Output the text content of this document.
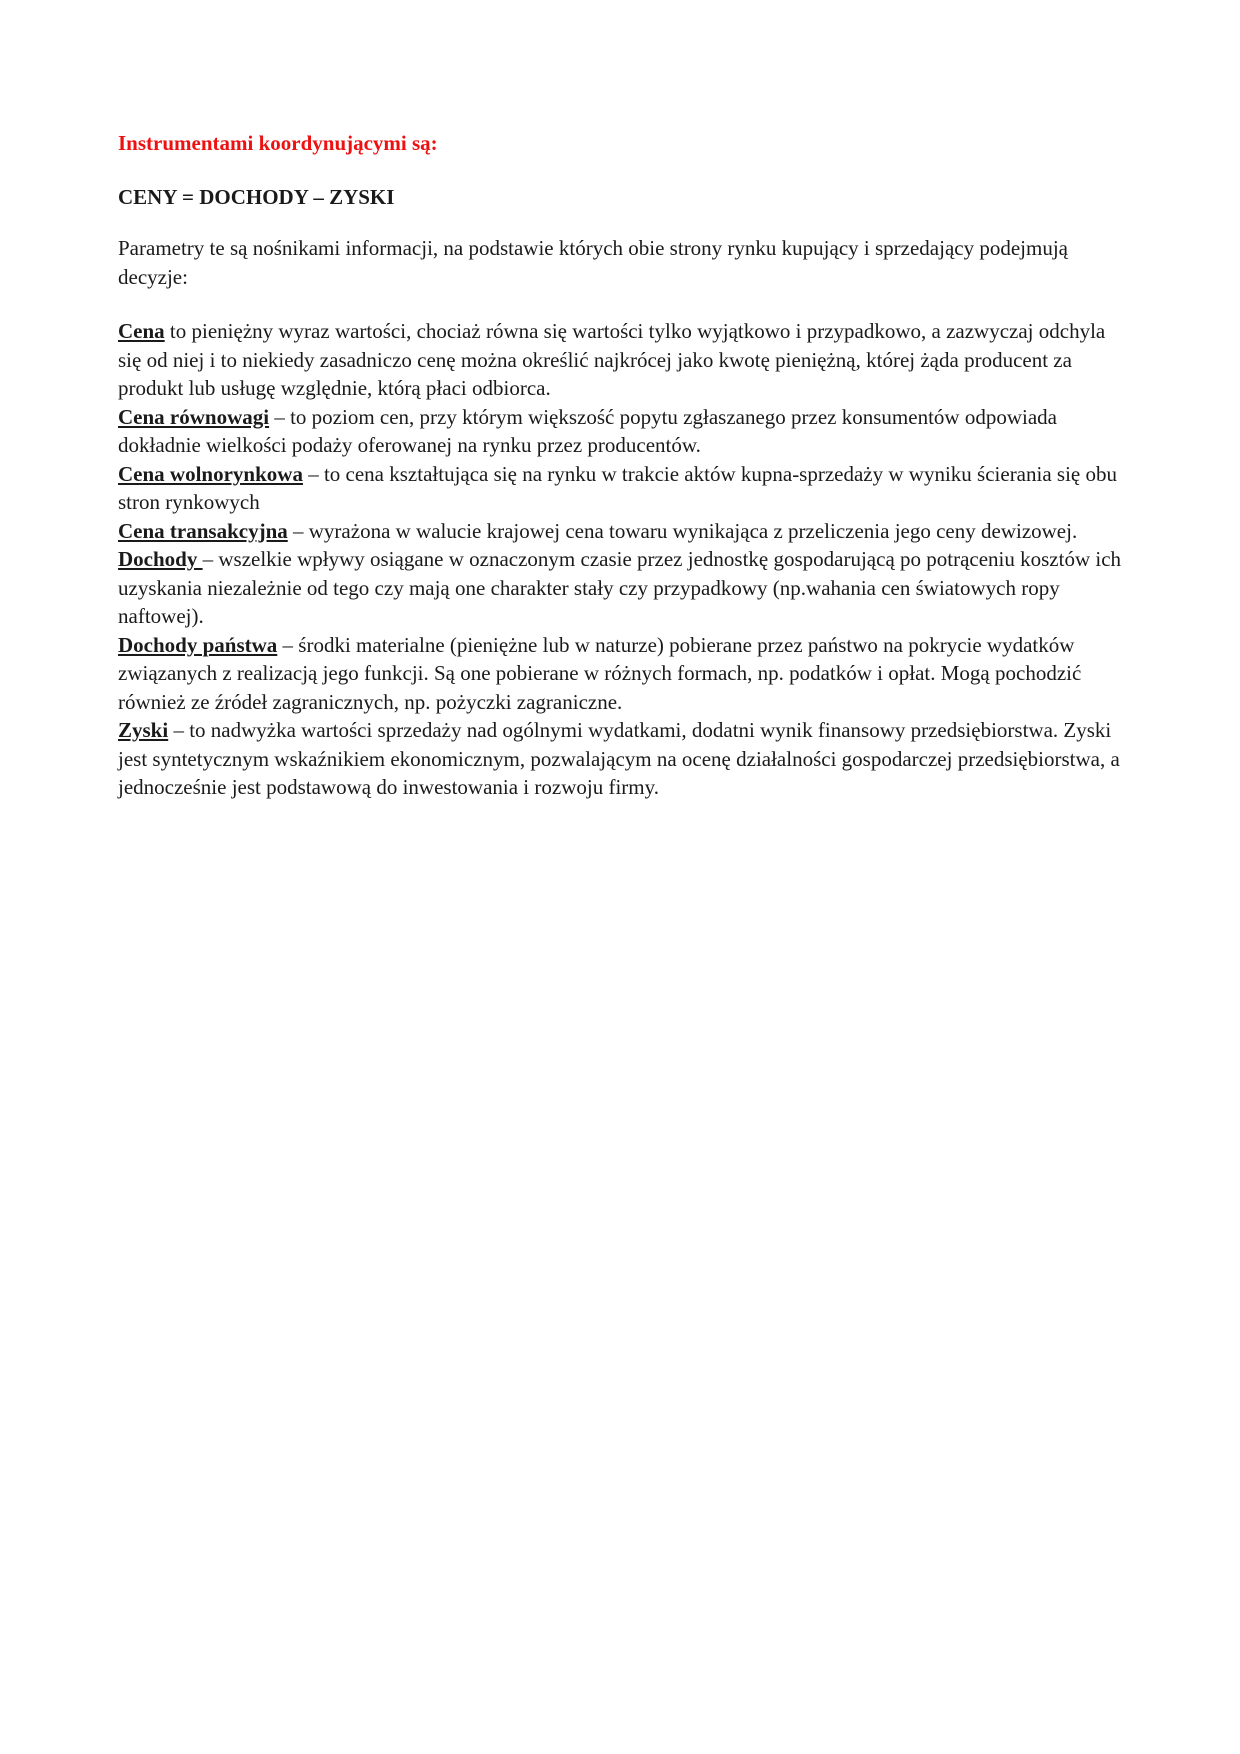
Instrumentami koordynującymi są:

CENY = DOCHODY – ZYSKI

Parametry te są nośnikami informacji, na podstawie których obie strony rynku kupujący i sprzedający podejmują decyzje:

Cena to pieniężny wyraz wartości, chociaż równa się wartości tylko wyjątkowo i przypadkowo, a zazwyczaj odchyla się od niej i to niekiedy zasadniczo cenę można określić najkrócej jako kwotę pieniężną, której żąda producent za produkt lub usługę względnie, którą płaci odbiorca.

Cena równowagi – to poziom cen, przy którym większość popytu zgłaszanego przez konsumentów odpowiada dokładnie wielkości podaży oferowanej na rynku przez producentów.

Cena wolnorynkowa – to cena kształtująca się na rynku w trakcie aktów kupna-sprzedaży w wyniku ścierania się obu stron rynkowych

Cena transakcyjna – wyrażona w walucie krajowej cena towaru wynikająca z przeliczenia jego ceny dewizowej.

Dochody – wszelkie wpływy osiągane w oznaczonym czasie przez jednostkę gospodarującą po potrąceniu kosztów ich uzyskania niezależnie od tego czy mają one charakter stały czy przypadkowy (np.wahania cen światowych ropy naftowej).

Dochody państwa – środki materialne (pieniężne lub w naturze) pobierane przez państwo na pokrycie wydatków związanych z realizacją jego funkcji. Są one pobierane w różnych formach, np. podatków i opłat. Mogą pochodzić również ze źródeł zagranicznych, np. pożyczki zagraniczne.

Zyski – to nadwyżka wartości sprzedaży nad ogólnymi wydatkami, dodatni wynik finansowy przedsiębiorstwa. Zyski jest syntetycznym wskaźnikiem ekonomicznym, pozwalającym na ocenę działalności gospodarczej przedsiębiorstwa, a jednocześnie jest podstawową do inwestowania i rozwoju firmy.
